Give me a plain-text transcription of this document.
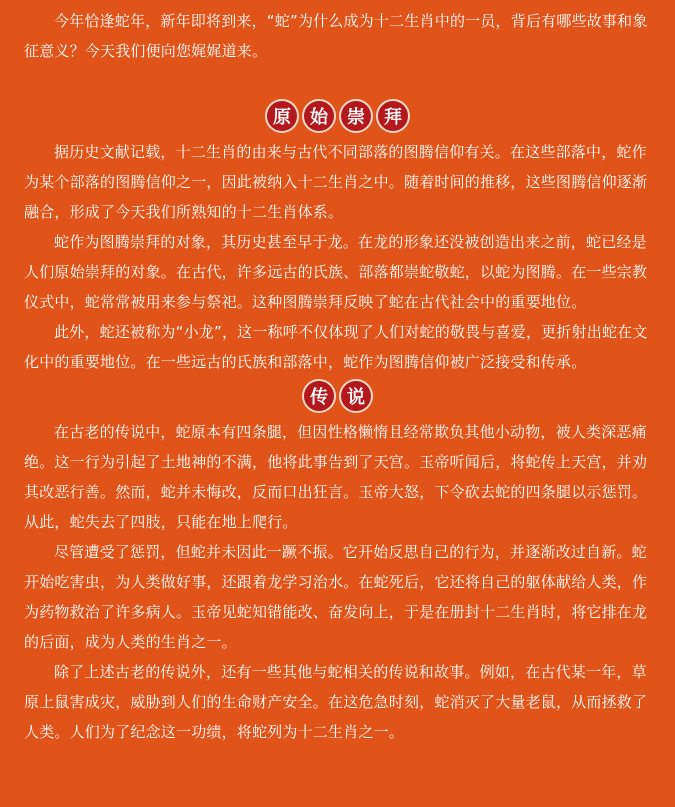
今年恰逢蛇年，新年即将到来，“蛇”为什么成为十二生肖中的一员，背后有哪些故事和象征意义？今天我们便向您娓娓道来。

原	始	崇	拜

据历史文献记载，十二生肖的由来与古代不同部落的图腾信仰有关。在这些部落中，蛇作为某个部落的图腾信仰之一，因此被纳入十二生肖之中。随着时间的推移，这些图腾信仰逐渐融合，形成了今天我们所熟知的十二生肖体系。

蛇作为图腾崇拜的对象，其历史甚至早于龙。在龙的形象还没被创造出来之前，蛇已经是人们原始崇拜的对象。在古代，许多远古的氏族、部落都崇蛇敬蛇，以蛇为图腾。在一些宗教仪式中，蛇常常被用来参与祭祀。这种图腾崇拜反映了蛇在古代社会中的重要地位。

此外，蛇还被称为“小龙”，这一称呼不仅体现了人们对蛇的敬畏与喜爱，更折射出蛇在文化中的重要地位。在一些远古的氏族和部落中，蛇作为图腾信仰被广泛接受和传承。

传	说

在古老的传说中，蛇原本有四条腿，但因性格懒惰且经常欺负其他小动物，被人类深恶痛绝。这一行为引起了土地神的不满，他将此事告到了天宫。玉帝听闻后，将蛇传上天宫，并劝其改恶行善。然而，蛇并未悔改，反而口出狂言。玉帝大怒，下令砍去蛇的四条腿以示惩罚。从此，蛇失去了四肢，只能在地上爬行。

尽管遭受了惩罚，但蛇并未因此一蹶不振。它开始反思自己的行为，并逐渐改过自新。蛇开始吃害虫，为人类做好事，还跟着龙学习治水。在蛇死后，它还将自己的躯体献给人类，作为药物救治了许多病人。玉帝见蛇知错能改、奋发向上，于是在册封十二生肖时，将它排在龙的后面，成为人类的生肖之一。

除了上述古老的传说外，还有一些其他与蛇相关的传说和故事。例如，在古代某一年，草原上鼠害成灾，威胁到人们的生命财产安全。在这危急时刻，蛇消灭了大量老鼠，从而拯救了人类。人们为了纪念这一功绩，将蛇列为十二生肖之一。
